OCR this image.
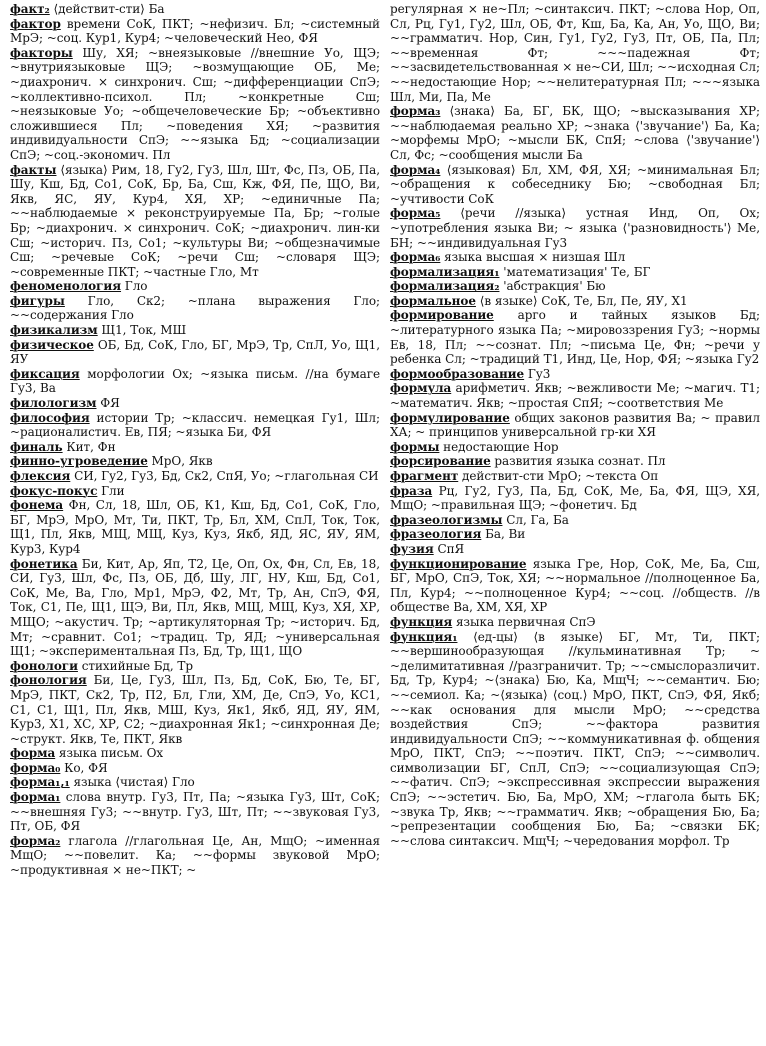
факт₂ ⟨действит-сти⟩ Ба

фактор времени СоК, ПКТ; ~нефизич. Бл; ~системный МрЭ; ~соц. Кур1, Кур4; ~человеческий Нео, ФЯ

факторы Шу, ХЯ; ~внеязыковые //внешние Уо, ЩЭ; ~внутриязыковые ЩЭ; ~возмущающие ОБ, Ме; ~диахронич. × синхронич. Сш; ~дифференциации СпЭ; ~коллективно-психол. Пл; ~конкретные Сш; ~неязыковые Уо; ~общечеловеческие Бр; ~объективно сложившиеся Пл; ~поведения ХЯ; ~развития индивидуальности СпЭ; ~~языка Бд; ~социализации СпЭ; ~соц.-экономич. Пл

факты ⟨языка⟩ Рим, 18, Гу2, Гу3, Шл, Шт, Фс, Пз, ОБ, Па, Шу, Кш, Бд, Со1, СоК, Бр, Ба, Сш, Кж, ФЯ, Пе, ЩО, Ви, Якв, ЯС, ЯУ, Кур4, ХЯ, ХР; ~единичные Па; ~~наблюдаемые × реконструируемые Па, Бр; ~голые Бр; ~диахронич. × синхронич. СоК; ~диахронич. лин-ки Сш; ~историч. Пз, Со1; ~культуры Ви; ~общезначимые Сш; ~речевые СоК; ~речи Сш; ~словаря ЩЭ; ~современные ПКТ; ~частные Гло, Мт

феноменология Гло

фигуры Гло, Ск2; ~плана выражения Гло; ~~содержания Гло

физикализм Щ1, Ток, МШ

физическое ОБ, Бд, СоК, Гло, БГ, МрЭ, Тр, СпЛ, Уо, Щ1, ЯУ

фиксация морфологии Ох; ~языка письм. //на бумаге Гу3, Ва

филологизм ФЯ

философия истории Тр; ~классич. немецкая Гу1, Шл; ~рационалистич. Ев, ПЯ; ~языка Би, ФЯ

финаль Кит, Фн

финно-угроведение МрО, Якв

флексия СИ, Гу2, Гу3, Бд, Ск2, СпЯ, Уо; ~глагольная СИ

фокус-покус Гли

фонема Фн, Сл, 18, Шл, ОБ, К1, Кш, Бд, Со1, СоК, Гло, БГ, МрЭ, МрО, Мт, Ти, ПКТ, Тр, Бл, ХМ, СпЛ, Ток, Ток, Щ1, Пл, Якв, МЩ, МЩ, Куз, Куз, Якб, ЯД, ЯС, ЯУ, ЯМ, Кур3, Кур4

фонетика Би, Кит, Ар, Яп, Т2, Це, Оп, Ох, Фн, Сл, Ев, 18, СИ, Гу3, Шл, Фс, Пз, ОБ, Дб, Шу, ЛГ, НУ, Кш, Бд, Со1, СоК, Ме, Ва, Гло, Мр1, МрЭ, Ф2, Мт, Тр, Ан, СпЭ, ФЯ, Ток, С1, Пе, Щ1, ЩЭ, Ви, Пл, Якв, МЩ, МЩ, Куз, ХЯ, ХР, МЩО; ~акустич. Тр; ~артикуляторная Тр; ~историч. Бд, Мт; ~сравнит. Со1; ~традиц. Тр, ЯД; ~универсальная Щ1; ~экспериментальная Пз, Бд, Тр, Щ1, ЩО

фонологи стихийные Бд, Тр

фонология Би, Це, Гу3, Шл, Пз, Бд, СоК, Бю, Те, БГ, МрЭ, ПКТ, Ск2, Тр, П2, Бл, Гли, ХМ, Де, СпЭ, Уо, КС1, С1, С1, Щ1, Пл, Якв, МШ, Куз, Як1, Якб, ЯД, ЯУ, ЯМ, Кур3, Х1, ХС, ХР, С2; ~диахронная Як1; ~синхронная Де; ~структ. Якв, Те, ПКТ, Якв

форма языка письм. Ох

форма₀ Ко, ФЯ

форма₁,₁ языка ⟨чистая⟩ Гло

форма₁ слова внутр. Гу3, Пт, Па; ~языка Гу3, Шт, СоК; ~~внешняя Гу3; ~~внутр. Гу3, Шт, Пт; ~~звуковая Гу3, Пт, ОБ, ФЯ

форма₂ глагола //глагольная Це, Ан, МщО; ~именная МщО; ~~повелит. Ка; ~~формы звуковой МрО; ~продуктивная × не~ПКТ; ~

регулярная × не~Пл; ~синтаксич. ПКТ; ~слова Нор, Оп, Сл, Рц, Гу1, Гу2, Шл, ОБ, Фт, Кш, Ба, Ка, Ан, Уо, ЩО, Ви; ~~грамматич. Нор, Син, Гу1, Гу2, Гу3, Пт, ОБ, Па, Пл; ~~временная Фт; ~~~падежная Фт; ~~засвидетельствованная × не~СИ, Шл; ~~исходная Сл; ~~недостающие Нор; ~~нелитературная Пл; ~~~языка Шл, Ми, Па, Ме

форма₃ ⟨знака⟩ Ба, БГ, БК, ЩО; ~высказывания ХР; ~~наблюдаемая реально ХР; ~знака ⟨'звучание'⟩ Ба, Ка; ~морфемы МрО; ~мысли БК, СпЯ; ~слова ⟨'звучание'⟩ Сл, Фс; ~сообщения мысли Ба

форма₄ ⟨языковая⟩ Бл, ХМ, ФЯ, ХЯ; ~минимальная Бл; ~обращения к собеседнику Бю; ~свободная Бл; ~учтивости СоК

форма₅ ⟨речи //языка⟩ устная Инд, Оп, Ох; ~употребления языка Ви; ~ языка ⟨'разновидность'⟩ Ме, БН; ~~индивидуальная Гу3

форма₆ языка высшая × низшая Шл

формализация₁ 'математизация' Те, БГ

формализация₂ 'абстракция' Бю

формальное ⟨в языке⟩ СоК, Те, Бл, Пе, ЯУ, Х1

формирование арго и тайных языков Бд; ~литературного языка Па; ~мировоззрения Гу3; ~нормы Ев, 18, Пл; ~~сознат. Пл; ~письма Це, Фн; ~речи у ребенка Сл; ~традиций Т1, Инд, Це, Нор, ФЯ; ~языка Гу2

формообразование Гу3

формула арифметич. Якв; ~вежливости Ме; ~магич. Т1; ~математич. Якв; ~простая СпЯ; ~соответствия Ме

формулирование общих законов развития Ва; ~ правил ХА; ~ принципов универсальной гр-ки ХЯ

формы недостающие Нор

форсирование развития языка сознат. Пл

фрагмент действит-сти МрО; ~текста Оп

фраза Рц, Гу2, Гу3, Па, Бд, СоК, Ме, Ба, ФЯ, ЩЭ, ХЯ, МщО; ~правильная ЩЭ; ~фонетич. Бд

фразеологизмы Сл, Га, Ба

фразеология Ба, Ви

фузия СпЯ

функционирование языка Гре, Нор, СоК, Ме, Ба, Сш, БГ, МрО, СпЭ, Ток, ХЯ; ~~нормальное //полноценное Ба, Пл, Кур4; ~~полноценное Кур4; ~~соц. //обществ. //в обществе Ва, ХМ, ХЯ, ХР

функция языка первичная СпЭ

функция₁ ⟨ед-цы⟩ ⟨в языке⟩ БГ, Мт, Ти, ПКТ; ~~вершинообразующая //кульминативная Тр; ~ ~делимитативная //разграничит. Тр; ~~смыслоразличит. Бд, Тр, Кур4; ~⟨знака⟩ Бю, Ка, МщЧ; ~~семантич. Бю; ~~семиол. Ка; ~⟨языка⟩ ⟨соц.⟩ МрО, ПКТ, СпЭ, ФЯ, Якб; ~~как основания для мысли МрО; ~~средства воздействия СпЭ; ~~фактора развития индивидуальности СпЭ; ~~коммуникативная ф. общения МрО, ПКТ, СпЭ; ~~поэтич. ПКТ, СпЭ; ~~символич. символизации БГ, СпЛ, СпЭ; ~~социализующая СпЭ; ~~фатич. СпЭ; ~экспрессивная экспрессии выражения СпЭ; ~~эстетич. Бю, Ба, МрО, ХМ; ~глагола быть БК; ~звука Тр, Якв; ~~грамматич. Якв; ~обращения Бю, Ба; ~репрезентации сообщения Бю, Ба; ~связки БК; ~~слова синтаксич. МщЧ; ~чередования морфол. Тр
